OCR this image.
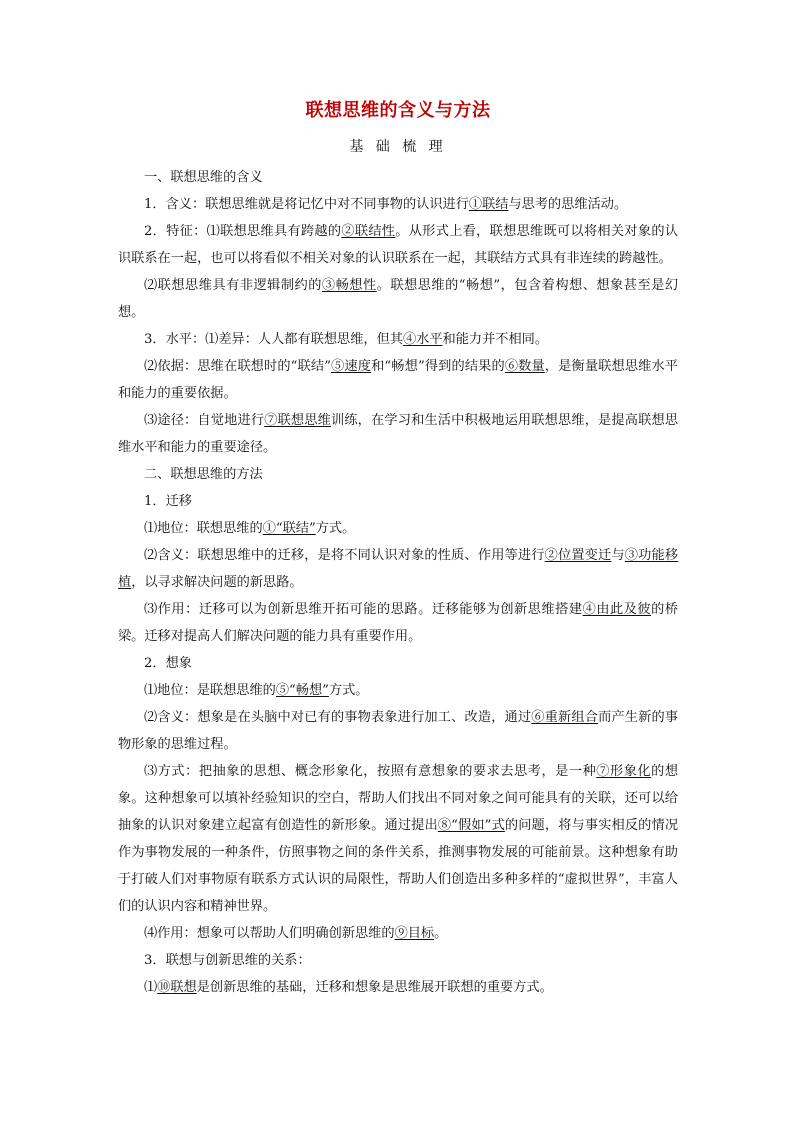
联想思维的含义与方法
基 础 梳 理

一、联想思维的含义

1．含义：联想思维就是将记忆中对不同事物的认识进行①联结与思考的思维活动。

2．特征：⑴联想思维具有跨越的②联结性。从形式上看，联想思维既可以将相关对象的认识联系在一起，也可以将看似不相关对象的认识联系在一起，其联结方式具有非连续的跨越性。

⑵联想思维具有非逻辑制约的③畅想性。联想思维的“畅想”，包含着构想、想象甚至是幻想。

3．水平：⑴差异：人人都有联想思维，但其④水平和能力并不相同。

⑵依据：思维在联想时的“联结”⑤速度和“畅想”得到的结果的⑥数量，是衡量联想思维水平和能力的重要依据。

⑶途径：自觉地进行⑦联想思维训练，在学习和生活中积极地运用联想思维，是提高联想思维水平和能力的重要途径。

二、联想思维的方法

1．迁移

⑴地位：联想思维的①“联结”方式。

⑵含义：联想思维中的迁移，是将不同认识对象的性质、作用等进行②位置变迁与③功能移植，以寻求解决问题的新思路。

⑶作用：迁移可以为创新思维开拓可能的思路。迁移能够为创新思维搭建④由此及彼的桥梁。迁移对提高人们解决问题的能力具有重要作用。

2．想象

⑴地位：是联想思维的⑤“畅想”方式。

⑵含义：想象是在头脑中对已有的事物表象进行加工、改造，通过⑥重新组合而产生新的事物形象的思维过程。

⑶方式：把抽象的思想、概念形象化，按照有意想象的要求去思考，是一种⑦形象化的想象。这种想象可以填补经验知识的空白，帮助人们找出不同对象之间可能具有的关联，还可以给抽象的认识对象建立起富有创造性的新形象。通过提出⑧“假如”式的问题，将与事实相反的情况作为事物发展的一种条件，仿照事物之间的条件关系，推测事物发展的可能前景。这种想象有助于打破人们对事物原有联系方式认识的局限性，帮助人们创造出多种多样的“虚拟世界”，丰富人们的认识内容和精神世界。

⑷作用：想象可以帮助人们明确创新思维的⑨目标。

3．联想与创新思维的关系：

⑴⑩联想是创新思维的基础，迁移和想象是思维展开联想的重要方式。
